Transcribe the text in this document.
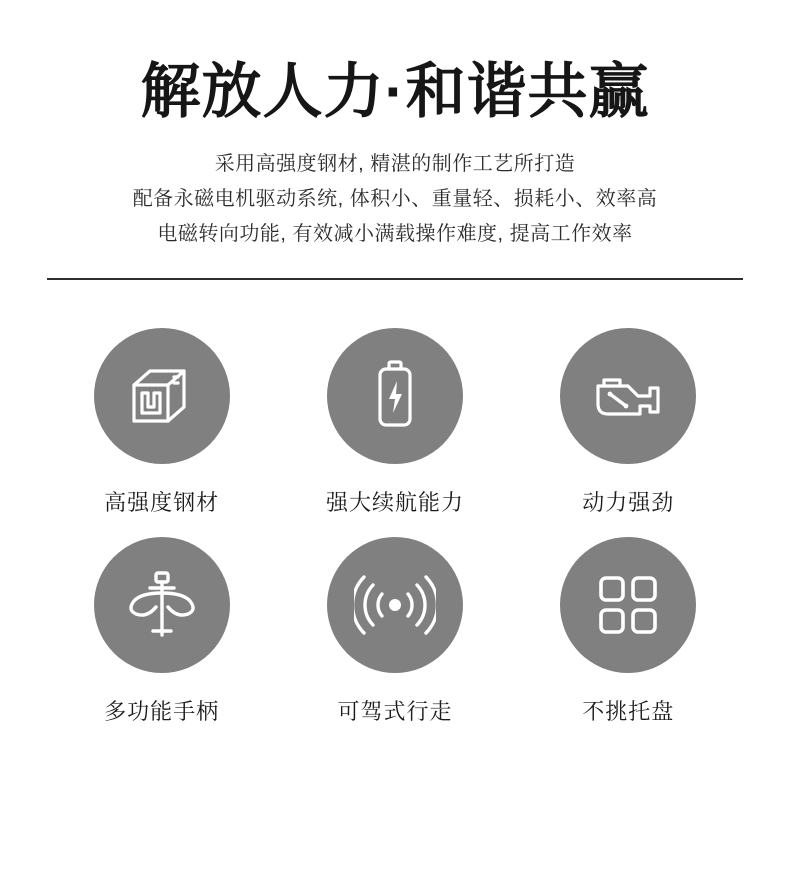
解放人力·和谐共赢
采用高强度钢材, 精湛的制作工艺所打造
配备永磁电机驱动系统, 体积小、重量轻、损耗小、效率高
电磁转向功能, 有效减小满载操作难度, 提高工作效率
高强度钢材	强大续航能力	动力强劲
多功能手柄	可驾式行走	不挑托盘
